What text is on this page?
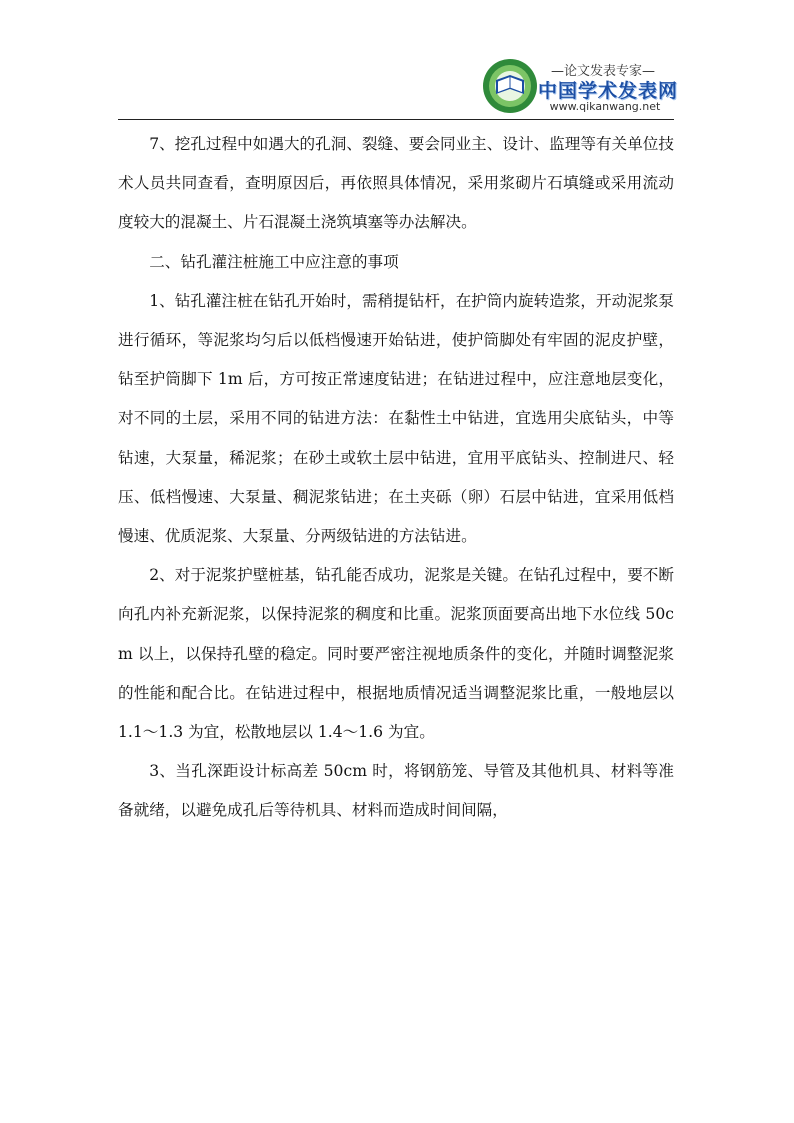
—论文发表专家—
中国学术发表网
www.qikanwang.net

7、挖孔过程中如遇大的孔洞、裂缝、要会同业主、设计、监理等有关单位技术人员共同查看，查明原因后，再依照具体情况，采用浆砌片石填缝或采用流动度较大的混凝土、片石混凝土浇筑填塞等办法解决。

二、钻孔灌注桩施工中应注意的事项

1、钻孔灌注桩在钻孔开始时，需稍提钻杆，在护筒内旋转造浆，开动泥浆泵进行循环，等泥浆均匀后以低档慢速开始钻进，使护筒脚处有牢固的泥皮护壁，钻至护筒脚下 1m 后，方可按正常速度钻进；在钻进过程中，应注意地层变化，对不同的土层，采用不同的钻进方法：在黏性土中钻进，宜选用尖底钻头，中等钻速，大泵量，稀泥浆；在砂土或软土层中钻进，宜用平底钻头、控制进尺、轻压、低档慢速、大泵量、稠泥浆钻进；在土夹砾（卵）石层中钻进，宜采用低档慢速、优质泥浆、大泵量、分两级钻进的方法钻进。

2、对于泥浆护壁桩基，钻孔能否成功，泥浆是关键。在钻孔过程中，要不断向孔内补充新泥浆，以保持泥浆的稠度和比重。泥浆顶面要高出地下水位线 50cm 以上，以保持孔壁的稳定。同时要严密注视地质条件的变化，并随时调整泥浆的性能和配合比。在钻进过程中，根据地质情况适当调整泥浆比重，一般地层以 1.1～1.3 为宜，松散地层以 1.4～1.6 为宜。

3、当孔深距设计标高差 50cm 时，将钢筋笼、导管及其他机具、材料等准备就绪，以避免成孔后等待机具、材料而造成时间间隔，
